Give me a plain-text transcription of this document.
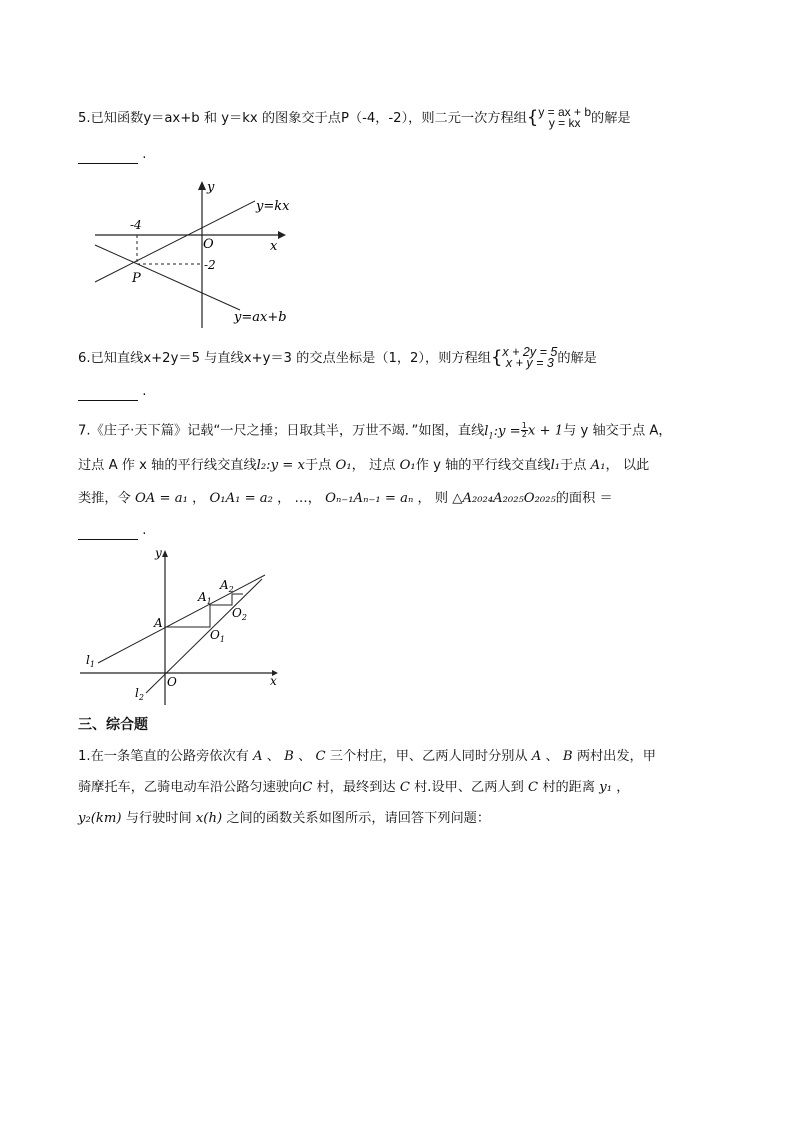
5.已知函数y＝ax+b 和 y＝kx 的图象交于点P（-4，-2），则二元一次方程组{ y = ax + b
y = kx 的解是
.
y
x
O
-4
-2
P
y=kx
y=ax+b
6.已知直线x+2y＝5 与直线x+y＝3 的交点坐标是（1，2），则方程组{ x + 2y = 5
x + y = 3 的解是
.
7.《庄子·天下篇》记载“一尺之捶；日取其半，万世不竭．”如图，直线$l_1:y = \frac{1}{2}$ x + 1与 y 轴交于点 A，
过点 A 作 x 轴的平行线交直线l₂:y = x于点 O₁， 过点 O₁作 y 轴的平行线交直线l₁于点 A₁， 以此
类推，令 OA = a₁ ， O₁A₁ = a₂ ， …， Oₙ₋₁Aₙ₋₁ = aₙ ， 则 △A₂₀₂₄A₂₀₂₅O₂₀₂₅的面积 ＝
.
y
x
O
A
$A_1$
$A_2$
$O_1$
$O_2$
$l_1$
$l_2$
三、综合题
1.在一条笔直的公路旁依次有 A 、 B 、 C 三个村庄，甲、乙两人同时分别从 A 、 B 两村出发，甲
骑摩托车，乙骑电动车沿公路匀速驶向C 村，最终到达 C 村.设甲、乙两人到 C 村的距离 y₁ ，
y₂(km) 与行驶时间 x(h) 之间的函数关系如图所示，请回答下列问题：
